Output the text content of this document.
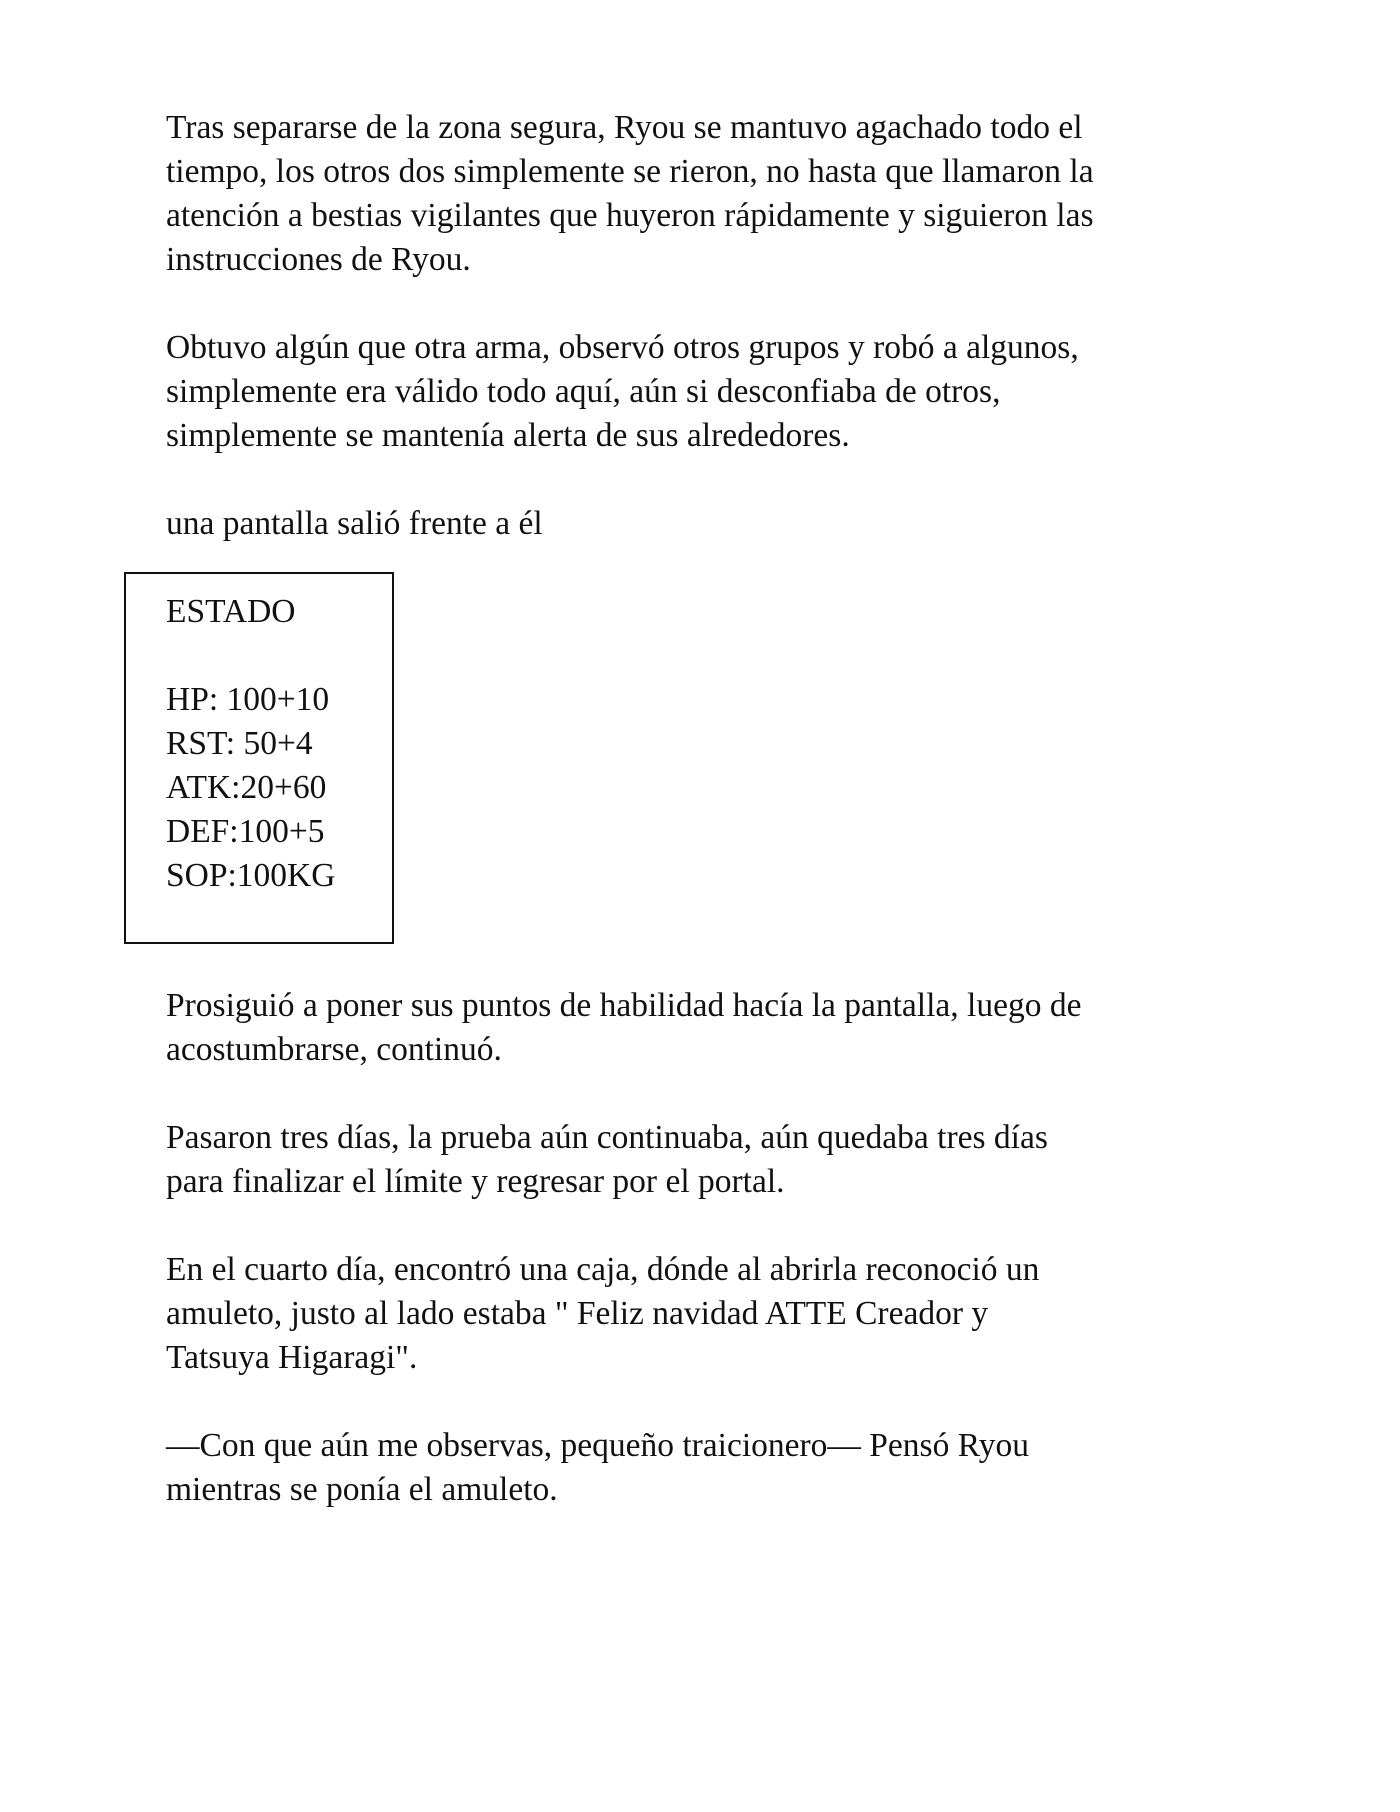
Tras separarse de la zona segura, Ryou se mantuvo agachado todo el
tiempo, los otros dos simplemente se rieron, no hasta que llamaron la
atención a bestias vigilantes que huyeron rápidamente y siguieron las
instrucciones de Ryou.

Obtuvo algún que otra arma, observó otros grupos y robó a algunos,
simplemente era válido todo aquí, aún si desconfiaba de otros,
simplemente se mantenía alerta de sus alrededores.

una pantalla salió frente a él

ESTADO

HP: 100+10
RST: 50+4
ATK:20+60
DEF:100+5
SOP:100KG

Prosiguió a poner sus puntos de habilidad hacía la pantalla, luego de
acostumbrarse, continuó.

Pasaron tres días, la prueba aún continuaba, aún quedaba tres días
para finalizar el límite y regresar por el portal.

En el cuarto día, encontró una caja, dónde al abrirla reconoció un
amuleto, justo al lado estaba " Feliz navidad ATTE Creador y
Tatsuya Higaragi".

—Con que aún me observas, pequeño traicionero— Pensó Ryou
mientras se ponía el amuleto.
